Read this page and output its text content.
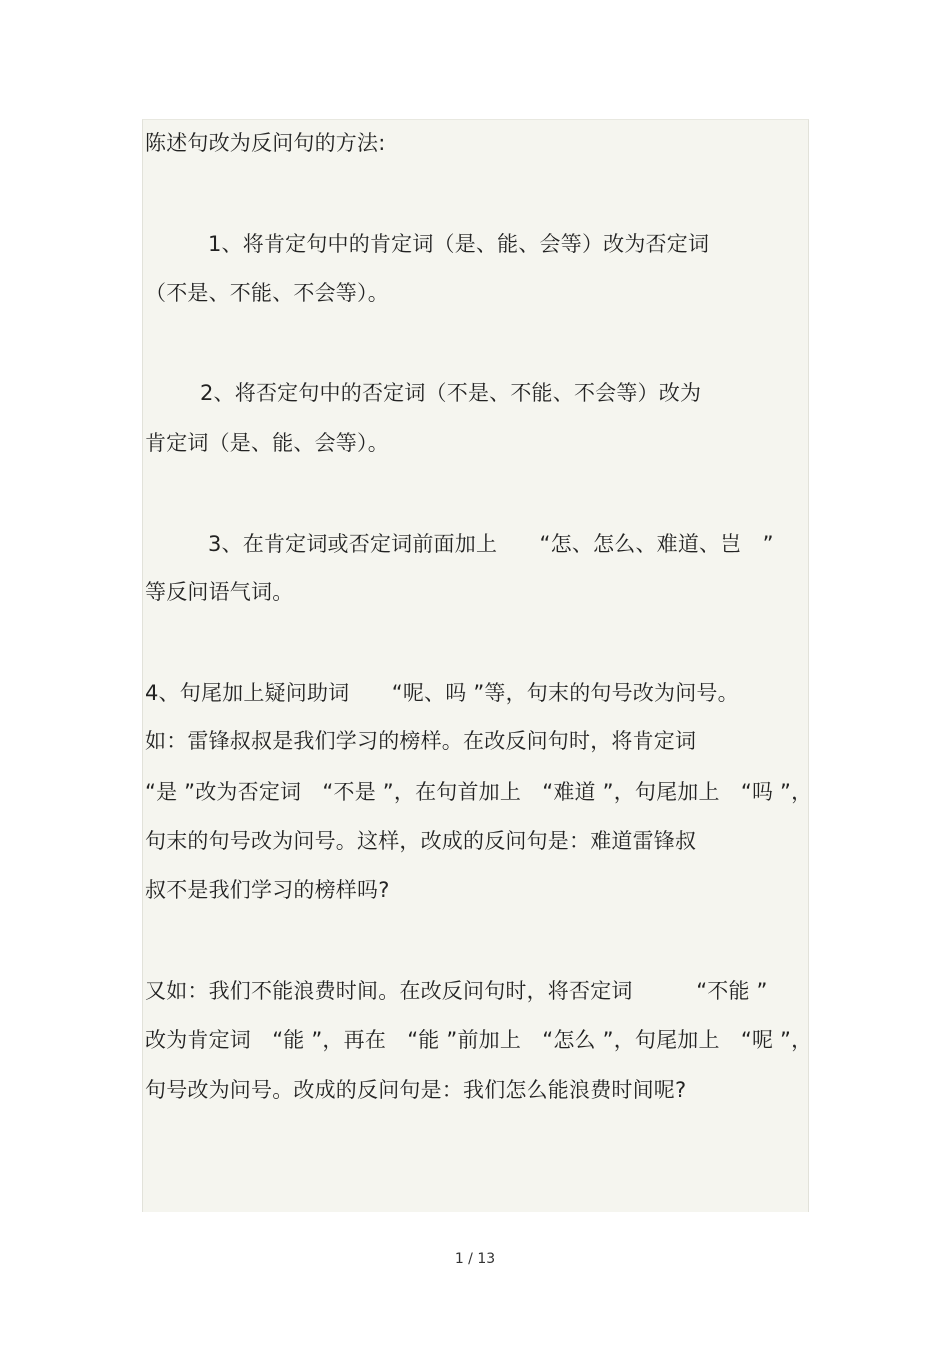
陈述句改为反问句的方法:
1、将肯定句中的肯定词（是、能、会等）改为否定词
（不是、不能、不会等）。
2、将否定句中的否定词（不是、不能、不会等）改为
肯定词（是、能、会等）。
3、在肯定词或否定词前面加上　　“怎、怎么、难道、岂　”
等反问语气词。
4、句尾加上疑问助词　　“呢、吗 ”等，句末的句号改为问号。
如：雷锋叔叔是我们学习的榜样。在改反问句时，将肯定词
“是 ”改为否定词　“不是 ”，在句首加上　“难道 ”，句尾加上　“吗 ”，
句末的句号改为问号。这样，改成的反问句是：难道雷锋叔
叔不是我们学习的榜样吗?
又如：我们不能浪费时间。在改反问句时，将否定词　　　“不能 ”
改为肯定词　“能 ”，再在　“能 ”前加上　“怎么 ”，句尾加上　“呢 ”，
句号改为问号。改成的反问句是：我们怎么能浪费时间呢?
1 / 13
